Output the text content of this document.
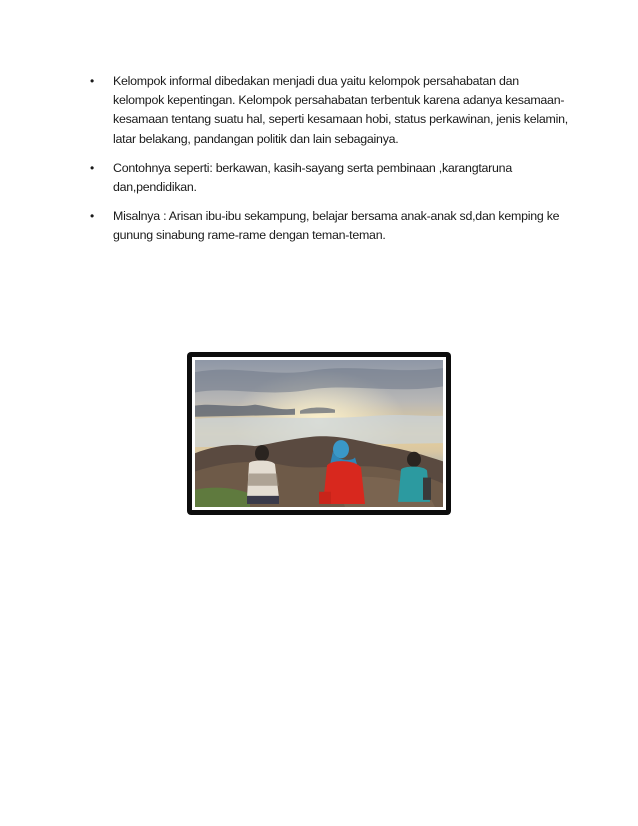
• Kelompok informal dibedakan menjadi dua yaitu kelompok persahabatan dan kelompok kepentingan. Kelompok persahabatan terbentuk karena adanya kesamaan-kesamaan tentang suatu hal, seperti kesamaan hobi, status perkawinan, jenis kelamin, latar belakang, pandangan politik dan lain sebagainya.
• Contohnya seperti: berkawan, kasih-sayang serta pembinaan ,karangtaruna dan,pendidikan.
• Misalnya : Arisan ibu-ibu sekampung, belajar bersama anak-anak sd,dan kemping ke gunung sinabung rame-rame dengan teman-teman.
